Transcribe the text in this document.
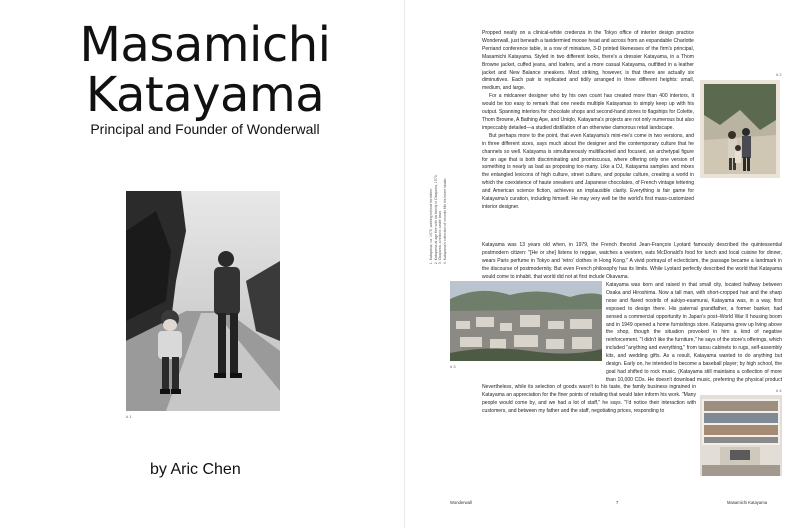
Masamichi Katayama
Principal and Founder of Wonderwall
# 1
by Aric Chen
1. Katayama, ca. 1970, walking behind his father. 2. Katayama at age five with his family in Okayama, 1970. 3. Okayama, a historic castle town. 4. Katayama's collection of records fills his home studio.

Propped neatly on a clinical-white credenza in the Tokyo office of interior design practice Wonderwall, just beneath a taxidermied moose head and across from an expandable Charlotte Perriand conference table, is a row of miniature, 3-D printed likenesses of the firm's principal, Masamichi Katayama. Styled in two different looks, there's a dressier Katayama, in a Thom Browne jacket, cuffed jeans, and loafers, and a more casual Katayama, outfitted in a leather jacket and New Balance sneakers. Most striking, however, is that there are actually six diminutives. Each pair is replicated and tidily arranged in three different heights: small, medium, and large.

For a midcareer designer who by his own count has created more than 400 interiors, it would be too easy to remark that one needs multiple Katayamas to simply keep up with his output. Spanning interiors for chocolate shops and second-hand stores to flagships for Colette, Thom Browne, A Bathing Ape, and Uniqlo, Katayama's projects are not only numerous but also impeccably detailed—a studied distillation of an otherwise clamorous retail landscape.

But perhaps more to the point, that even Katayama's mini-me's come in two versions, and in three different sizes, says much about the designer and the contemporary culture that he channels so well. Katayama is simultaneously multifaceted and focused, an archetypal figure for an age that is both discriminating and promiscuous, where offering only one version of something is nearly as bad as proposing too many. Like a DJ, Katayama samples and mixes the entangled lexicons of high culture, street culture, and popular culture, creating a world in which the coexistence of haute sneakers and Japanese chocolates, of French vintage lettering and American science fiction, achieves an implausible clarity. Everything is fair game for Katayama's curation, including himself. He may very well be the world's first mass-customized interior designer.

# 2

Katayama was 13 years old when, in 1979, the French theorist Jean-François Lyotard famously described the quintessential postmodern citizen: "[He or she] listens to reggae, watches a western, eats McDonald's food for lunch and local cuisine for dinner, wears Paris perfume in Tokyo and 'retro' clothes in Hong Kong." A vivid portrayal of eclecticism, the passage became a landmark in the discourse of postmodernity. But even French philosophy has its limits. While Lyotard perfectly described the world that Katayama would come to inhabit, that world did not at first include Okayama.

# 3

Katayama was born and raised in that small city, located halfway between Osaka and Hiroshima. Now a tall man, with short-cropped hair and the sharp nose and flared nostrils of aukiyo-esamurai, Katayama was, in a way, first exposed to design there. His paternal grandfather, a former banker, had sensed a commercial opportunity in Japan's post–World War II housing boom and in 1949 opened a home furnishings store. Katayama grew up living above the shop, though the situation provoked in him a kind of negative reinforcement. "I didn't like the furniture," he says of the store's offerings, which included "anything and everything," from tansu cabinets to rugs, self-assembly kits, and wedding gifts. As a result, Katayama wanted to do anything but design. Early on, he intended to become a baseball player; by high school, the goal had shifted to rock music. (Katayama still maintains a collection of more than 10,000 CDs. He doesn't download music, preferring the physical product

# 4

Nevertheless, while its selection of goods wasn't to his taste, the family business ingrained in Katayama an appreciation for the finer points of retailing that would later inform his work. "Many people would come by, and we had a lot of staff," he says. "I'd notice their interaction with customers, and between my father and the staff, negotiating prices, responding to

Wonderwall	7	Masamichi Katayama
